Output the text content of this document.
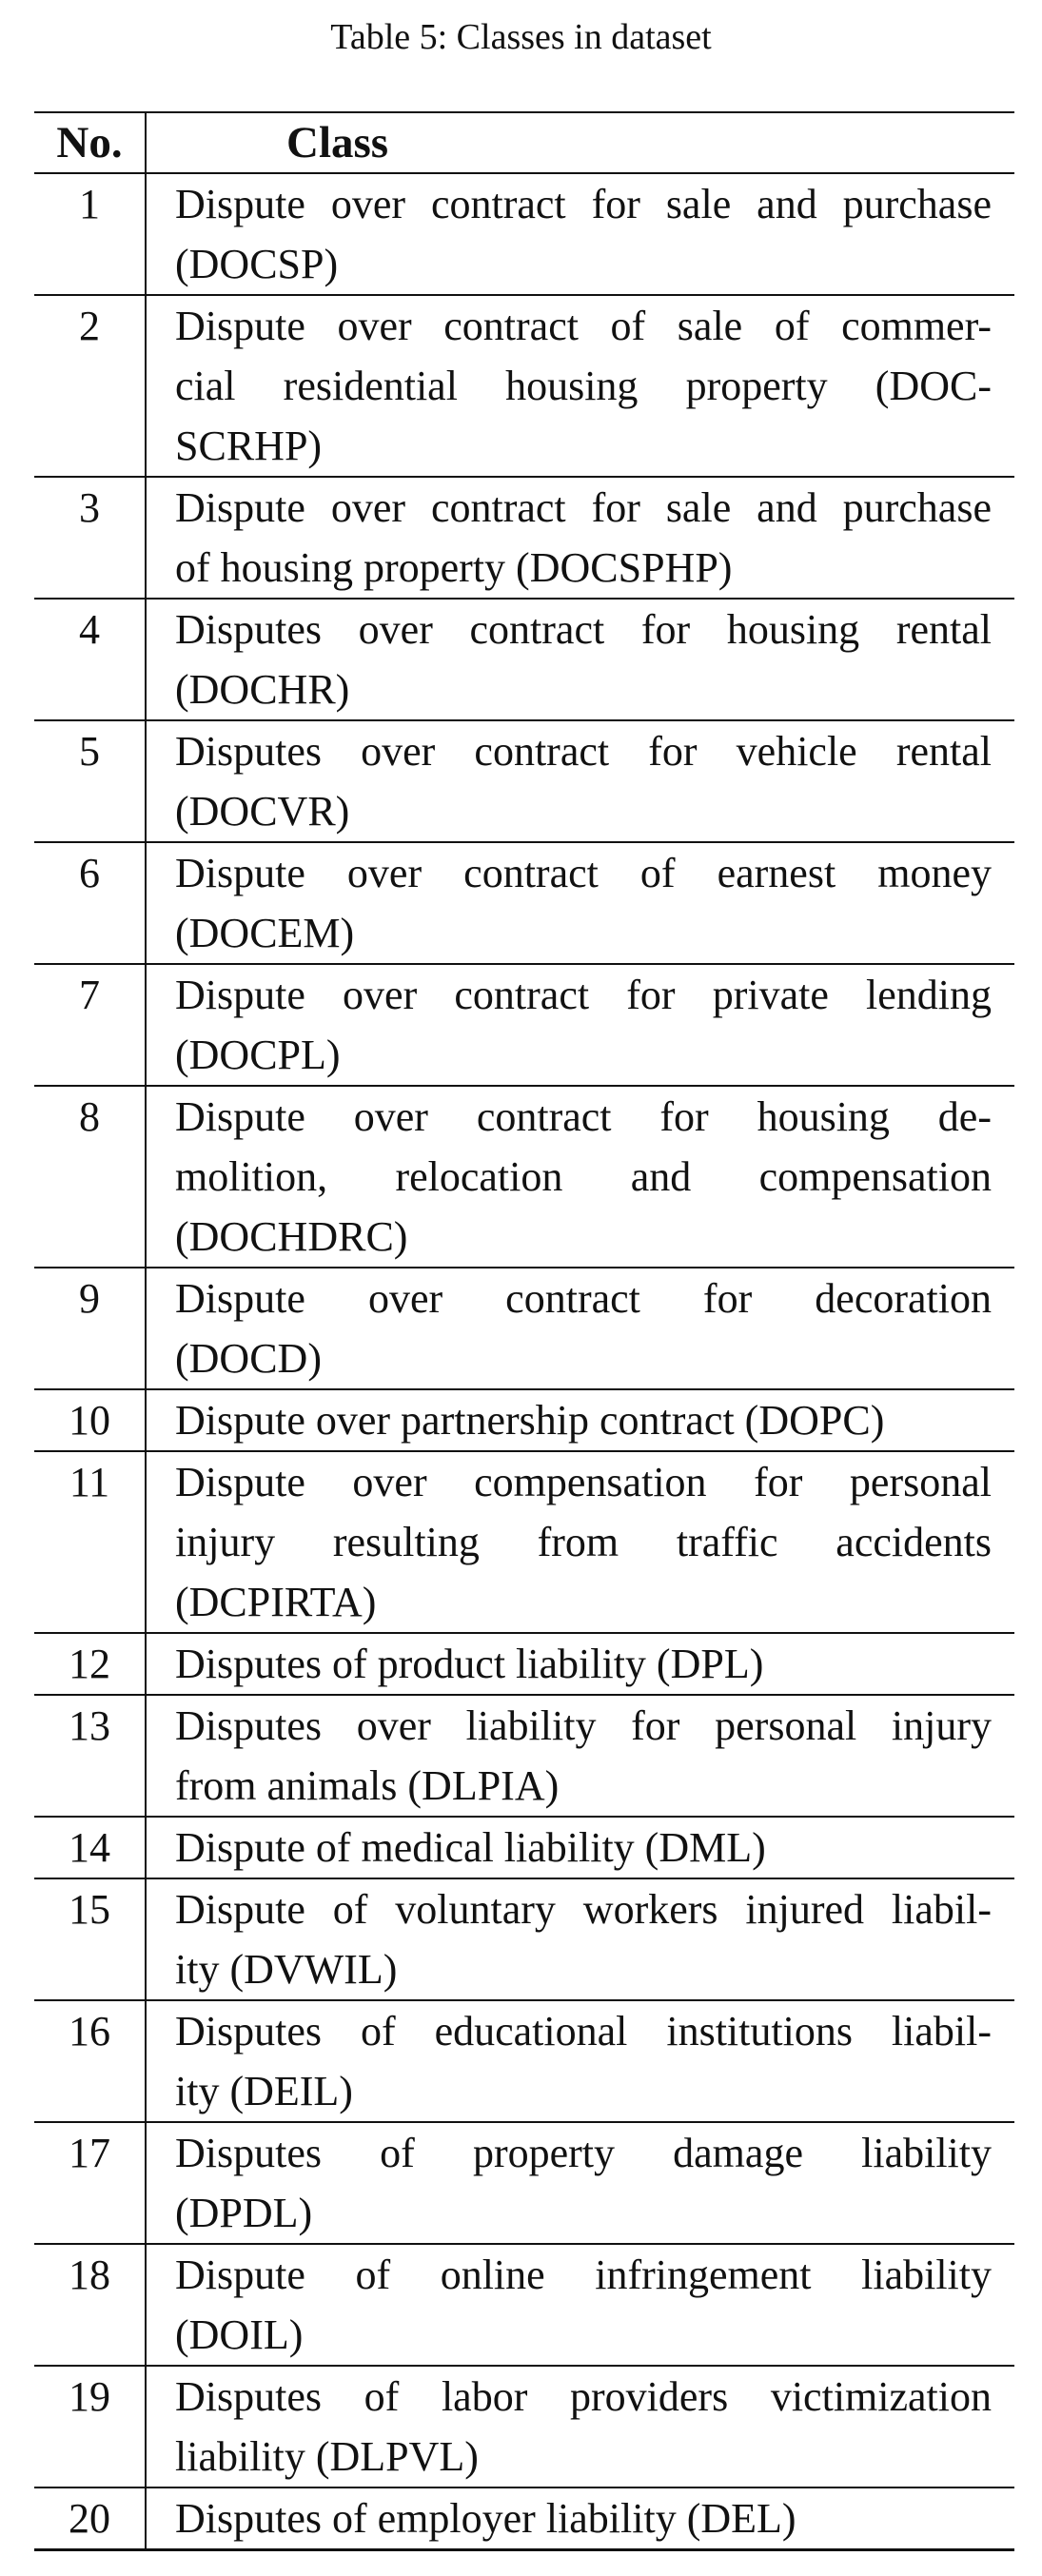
Table 5: Classes in dataset
No.	Class
1	Dispute over contract for sale and purchase
(DOCSP)

2	Dispute over contract of sale of commer-
cial residential housing property (DOC-
SCRHP)

3	Dispute over contract for sale and purchase
of housing property (DOCSPHP)

4	Disputes over contract for housing rental
(DOCHR)

5	Disputes over contract for vehicle rental
(DOCVR)

6	Dispute over contract of earnest money
(DOCEM)

7	Dispute over contract for private lending
(DOCPL)

8	Dispute over contract for housing de-
molition, relocation and compensation
(DOCHDRC)

9	Dispute over contract for decoration
(DOCD)

10	Dispute over partnership contract (DOPC)

11	Dispute over compensation for personal
injury resulting from traffic accidents
(DCPIRTA)

12	Disputes of product liability (DPL)

13	Disputes over liability for personal injury
from animals (DLPIA)

14	Dispute of medical liability (DML)

15	Dispute of voluntary workers injured liabil-
ity (DVWIL)

16	Disputes of educational institutions liabil-
ity (DEIL)

17	Disputes of property damage liability
(DPDL)

18	Dispute of online infringement liability
(DOIL)

19	Disputes of labor providers victimization
liability (DLPVL)

20	Disputes of employer liability (DEL)
